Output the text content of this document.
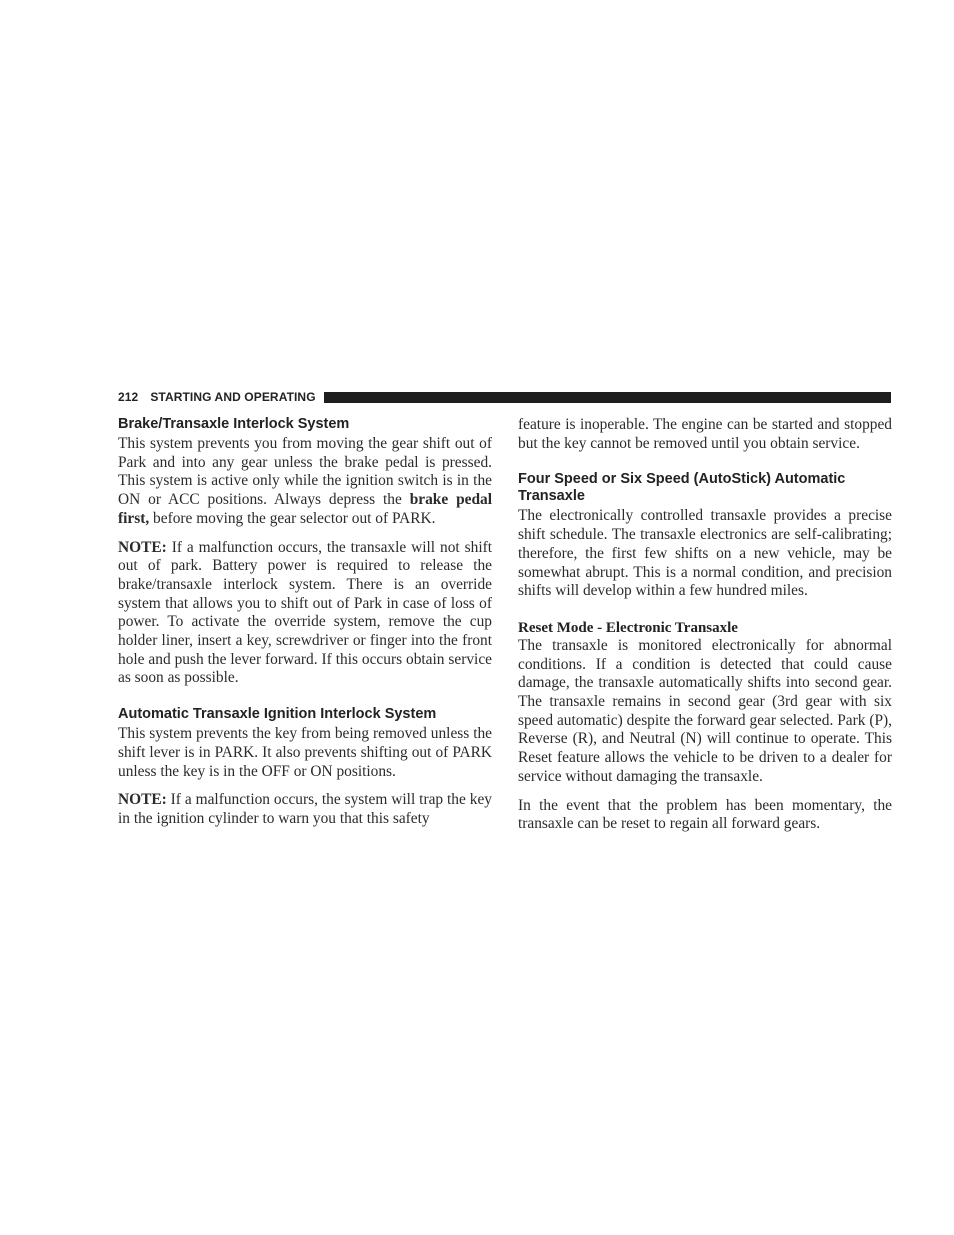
212 STARTING AND OPERATING
Brake/Transaxle Interlock System

This system prevents you from moving the gear shift out of Park and into any gear unless the brake pedal is pressed. This system is active only while the ignition switch is in the ON or ACC positions. Always depress the brake pedal first, before moving the gear selector out of PARK.

NOTE: If a malfunction occurs, the transaxle will not shift out of park. Battery power is required to release the brake/transaxle interlock system. There is an override system that allows you to shift out of Park in case of loss of power. To activate the override system, remove the cup holder liner, insert a key, screwdriver or finger into the front hole and push the lever forward. If this occurs obtain service as soon as possible.

Automatic Transaxle Ignition Interlock System

This system prevents the key from being removed unless the shift lever is in PARK. It also prevents shifting out of PARK unless the key is in the OFF or ON positions.

NOTE: If a malfunction occurs, the system will trap the key in the ignition cylinder to warn you that this safety

feature is inoperable. The engine can be started and stopped but the key cannot be removed until you obtain service.

Four Speed or Six Speed (AutoStick) Automatic Transaxle

The electronically controlled transaxle provides a precise shift schedule. The transaxle electronics are self-calibrating; therefore, the first few shifts on a new vehicle, may be somewhat abrupt. This is a normal condition, and precision shifts will develop within a few hundred miles.

Reset Mode - Electronic Transaxle

The transaxle is monitored electronically for abnormal conditions. If a condition is detected that could cause damage, the transaxle automatically shifts into second gear. The transaxle remains in second gear (3rd gear with six speed automatic) despite the forward gear selected. Park (P), Reverse (R), and Neutral (N) will continue to operate. This Reset feature allows the vehicle to be driven to a dealer for service without damaging the transaxle.

In the event that the problem has been momentary, the transaxle can be reset to regain all forward gears.
